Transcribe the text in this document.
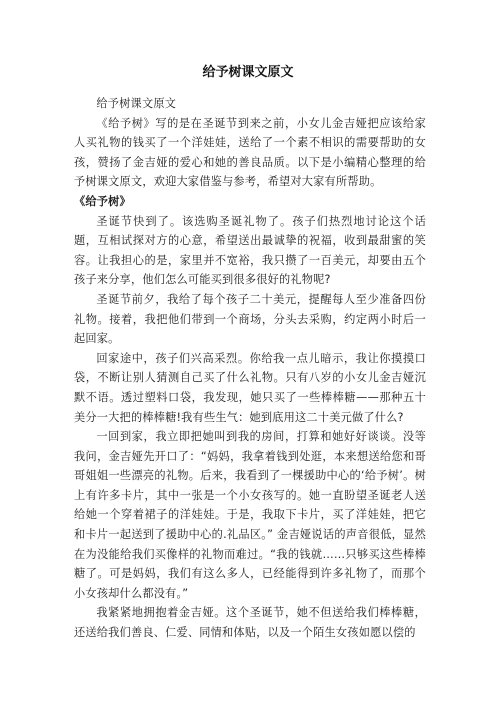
给予树课文原文

给予树课文原文

《给予树》写的是在圣诞节到来之前，小女儿金吉娅把应该给家人买礼物的钱买了一个洋娃娃，送给了一个素不相识的需要帮助的女孩，赞扬了金吉娅的爱心和她的善良品质。以下是小编精心整理的给予树课文原文，欢迎大家借鉴与参考，希望对大家有所帮助。

《给予树》

圣诞节快到了。该选购圣诞礼物了。孩子们热烈地讨论这个话题，互相试探对方的心意，希望送出最诚挚的祝福，收到最甜蜜的笑容。让我担心的是，家里并不宽裕，我只攒了一百美元，却要由五个孩子来分享，他们怎么可能买到很多很好的礼物呢?

圣诞节前夕，我给了每个孩子二十美元，提醒每人至少准备四份礼物。接着，我把他们带到一个商场，分头去采购，约定两小时后一起回家。

回家途中，孩子们兴高采烈。你给我一点儿暗示，我让你摸摸口袋，不断让别人猜测自己买了什么礼物。只有八岁的小女儿金吉娅沉默不语。透过塑料口袋，我发现，她只买了一些棒棒糖——那种五十美分一大把的棒棒糖!我有些生气：她到底用这二十美元做了什么?

一回到家，我立即把她叫到我的房间，打算和她好好谈谈。没等我问，金吉娅先开口了：“妈妈，我拿着钱到处逛，本来想送给您和哥哥姐姐一些漂亮的礼物。后来，我看到了一棵援助中心的‘给予树’。树上有许多卡片，其中一张是一个小女孩写的。她一直盼望圣诞老人送给她一个穿着裙子的洋娃娃。于是，我取下卡片，买了洋娃娃，把它和卡片一起送到了援助中心的.礼品区。” 金吉娅说话的声音很低，显然在为没能给我们买像样的礼物而难过。“我的钱就……只够买这些棒棒糖了。可是妈妈，我们有这么多人，已经能得到许多礼物了，而那个小女孩却什么都没有。”

我紧紧地拥抱着金吉娅。这个圣诞节，她不但送给我们棒棒糖，还送给我们善良、仁爱、同情和体贴，以及一个陌生女孩如愿以偿的
